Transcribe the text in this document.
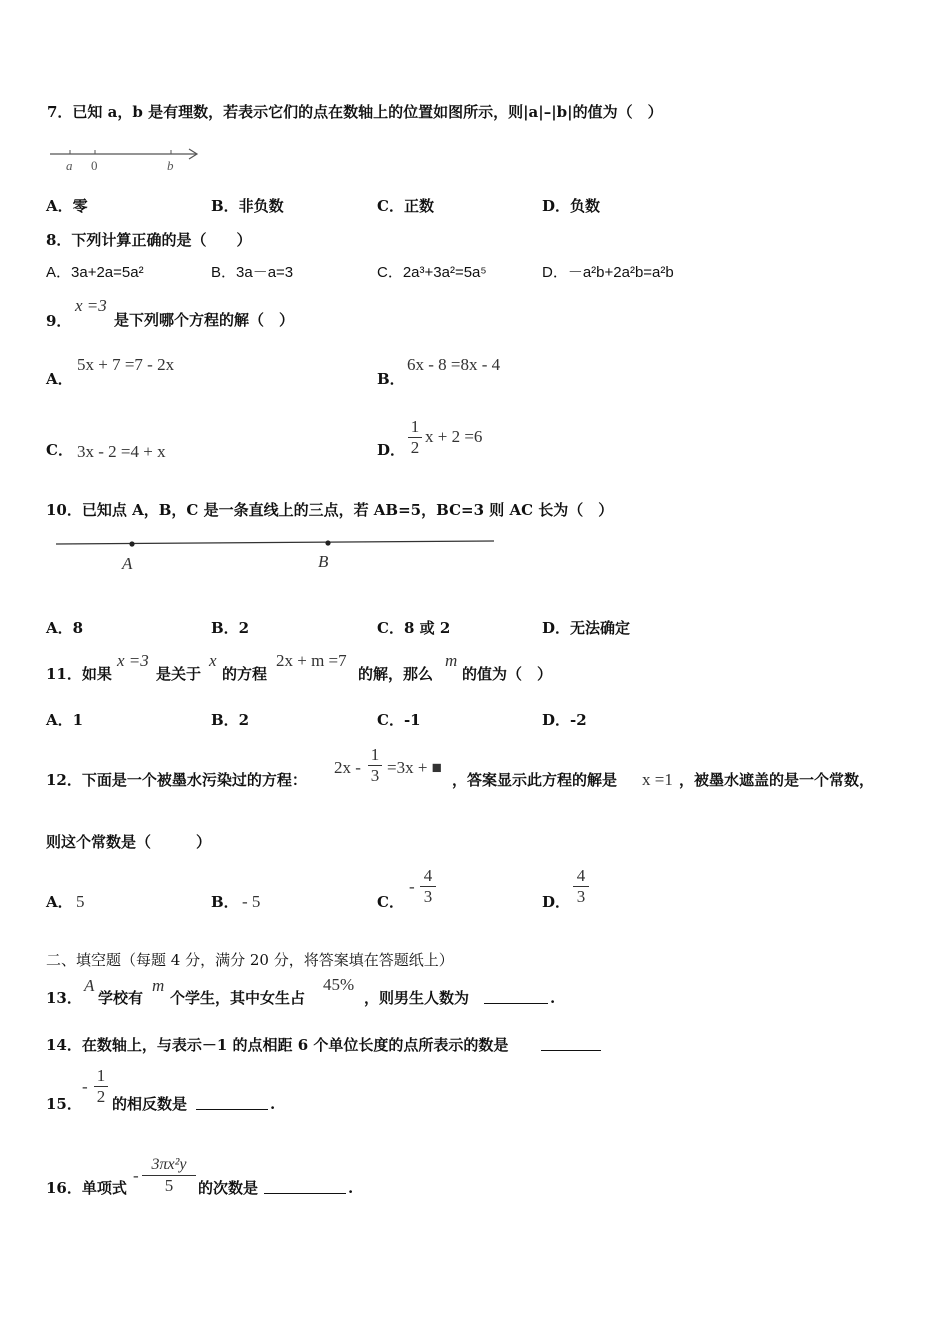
7．已知 a，b 是有理数，若表示它们的点在数轴上的位置如图所示，则|a|–|b|的值为（　）
a 0	b
A．零	B．非负数	C．正数	D．负数
8．下列计算正确的是（　　）
A．3a+2a=5a²	B．3a－a=3	C．2a³+3a²=5a⁵	D．－a²b+2a²b=a²b
9．
x =3
是下列哪个方程的解（　）
A．
5x + 7 =7 - 2x
B．
6x - 8 =8x - 4
C． 3x - 2 =4 + x	D．
1
2
x + 2 =6
10．已知点 A，B，C 是一条直线上的三点，若 AB=5，BC=3 则 AC 长为（　）
A	B
A．8	B．2	C．8 或 2	D．无法确定
11．如果
x =3
是关于
x
的方程
2x + m =7
的解，那么
m
的值为（　）
A．1	B．2	C．-1	D．-2
12．下面是一个被墨水污染过的方程：
2x -
1
3 =3x + ■
，答案显示此方程的解是 x =1 ，被墨水遮盖的是一个常数，
则这个常数是（　　　）
A． 5	B． - 5	C．
-
4
3	D．
4
3
二、填空题（每题 4 分，满分 20 分，将答案填在答题纸上）
13．
A
学校有
m
个学生，其中女生占
45%
，则男生人数为	.
14．在数轴上，与表示－1 的点相距 6 个单位长度的点所表示的数是
15．
-
1
2 的相反数是	.
16．单项式
-
3πx²y
5	的次数是	.
